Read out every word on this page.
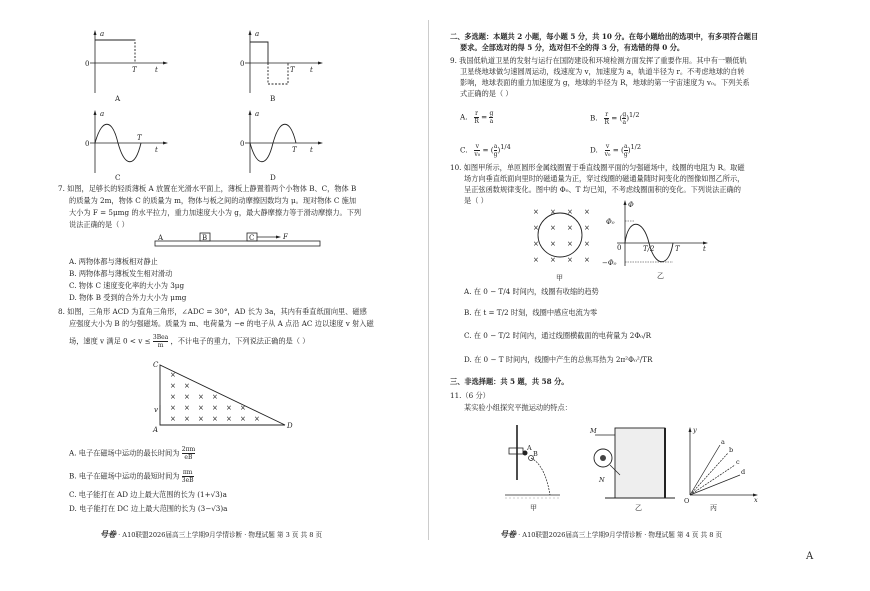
a
0
T	t
A
a
0
T t
B
a
0
T
t
C
a
0
T t
D
7. 如图，足够长的轻质薄板 A 放置在光滑水平面上，薄板上静置着两个小物体 B、C，物体 B
的质量为 2m，物体 C 的质量为 m，物体与板之间的动摩擦因数均为 μ。现对物体 C 施加
大小为 F = 5μmg 的水平拉力，重力加速度大小为 g，最大静摩擦力等于滑动摩擦力。下列
说法正确的是（ ）
A	B	C	F
A. 两物体都与薄板相对静止
B. 两物体都与薄板发生相对滑动
C. 物体 C 速度变化率的大小为 3μg
D. 物体 B 受到的合外力大小为 μmg
8. 如图，三角形 ACD 为直角三角形，∠ADC = 30°，AD 长为 3a，其内有垂直纸面向里、磁感
应强度大小为 B 的匀强磁场。质量为 m、电荷量为 −e 的电子从 A 点沿 AC 边以速度 v 射入磁
场，速度 v 满足 $0 < v \le \frac{\text{3Bea}}{m}$ ，不计电子的重力，下列说法正确的是（ ）
C
A	D
v
×
× ×
× × × ×
× × × × × ×
× × × × × × ×
A. 电子在磁场中运动的最长时间为 $\frac{2\pi m}{eB}$
B. 电子在磁场中运动的最短时间为 $\frac{\pi m}{3eB}$
C. 电子能打在 AD 边上最大范围的长为 (1+√3)a
D. 电子能打在 DC 边上最大范围的长为 (3−√3)a
号卷 · A10联盟2026届高三上学期9月学情诊断 · 物理试题 第 3 页 共 8 页
二、多选题：本题共 2 小题，每小题 5 分，共 10 分。在每小题给出的选项中，有多项符合题目
要求。全部选对的得 5 分，选对但不全的得 3 分，有选错的得 0 分。
9. 我国低轨道卫星的发射与运行在国防建设和环境检测方面发挥了重要作用。其中有一颗低轨
卫星绕地球做匀速圆周运动，线速度为 v，加速度为 a，轨道半径为 r。不考虑地球的自转
影响，地球表面的重力加速度为 g，地球的半径为 R，地球的第一宇宙速度为 v₀。下列关系
式正确的是（ ）
A. $\frac{r}{R} = \frac{g}{a}$	B. $\frac{r}{R}$ = ( $\frac{g}{a} )^{1/2}$
C. $\frac{v}{\text{v₀}}$ = ( $\frac{a}{g} )^{1/4}$	D. $\frac{v}{\text{v₀}}$ = ( $\frac{a}{g} )^{1/2}$
10. 如图甲所示，单匝圆形金属线圈置于垂直线圈平面的匀强磁场中，线圈的电阻为 R。取磁
场方向垂直纸面向里时的磁通量为正，穿过线圈的磁通量随时间变化的图像如图乙所示，
呈正弦函数规律变化。图中的 Φ₀、T 均已知，不考虑线圈面积的变化。下列说法正确的
是（ ）
× × × ×
× × × ×
× × × ×
× × × ×
甲
Φ
Φ₀
−Φ₀
0	T/2	T	t
乙
A. 在 0 − T/4 时间内，线圈有收缩的趋势
B. 在 t = T/2 时刻，线圈中感应电流为零
C. 在 0 − T/2 时间内，通过线圈横截面的电荷量为 2Φ₀/R
D. 在 0 − T 时间内，线圈中产生的总焦耳热为 2π²Φ₀²/TR
三、非选择题：共 5 题，共 58 分。
11.（6 分）
某实验小组探究平抛运动的特点：
A
B
甲
M
N
乙
y
x
O
a
b
c
d
丙
号卷 · A10联盟2026届高三上学期9月学情诊断 · 物理试题 第 4 页 共 8 页
A
